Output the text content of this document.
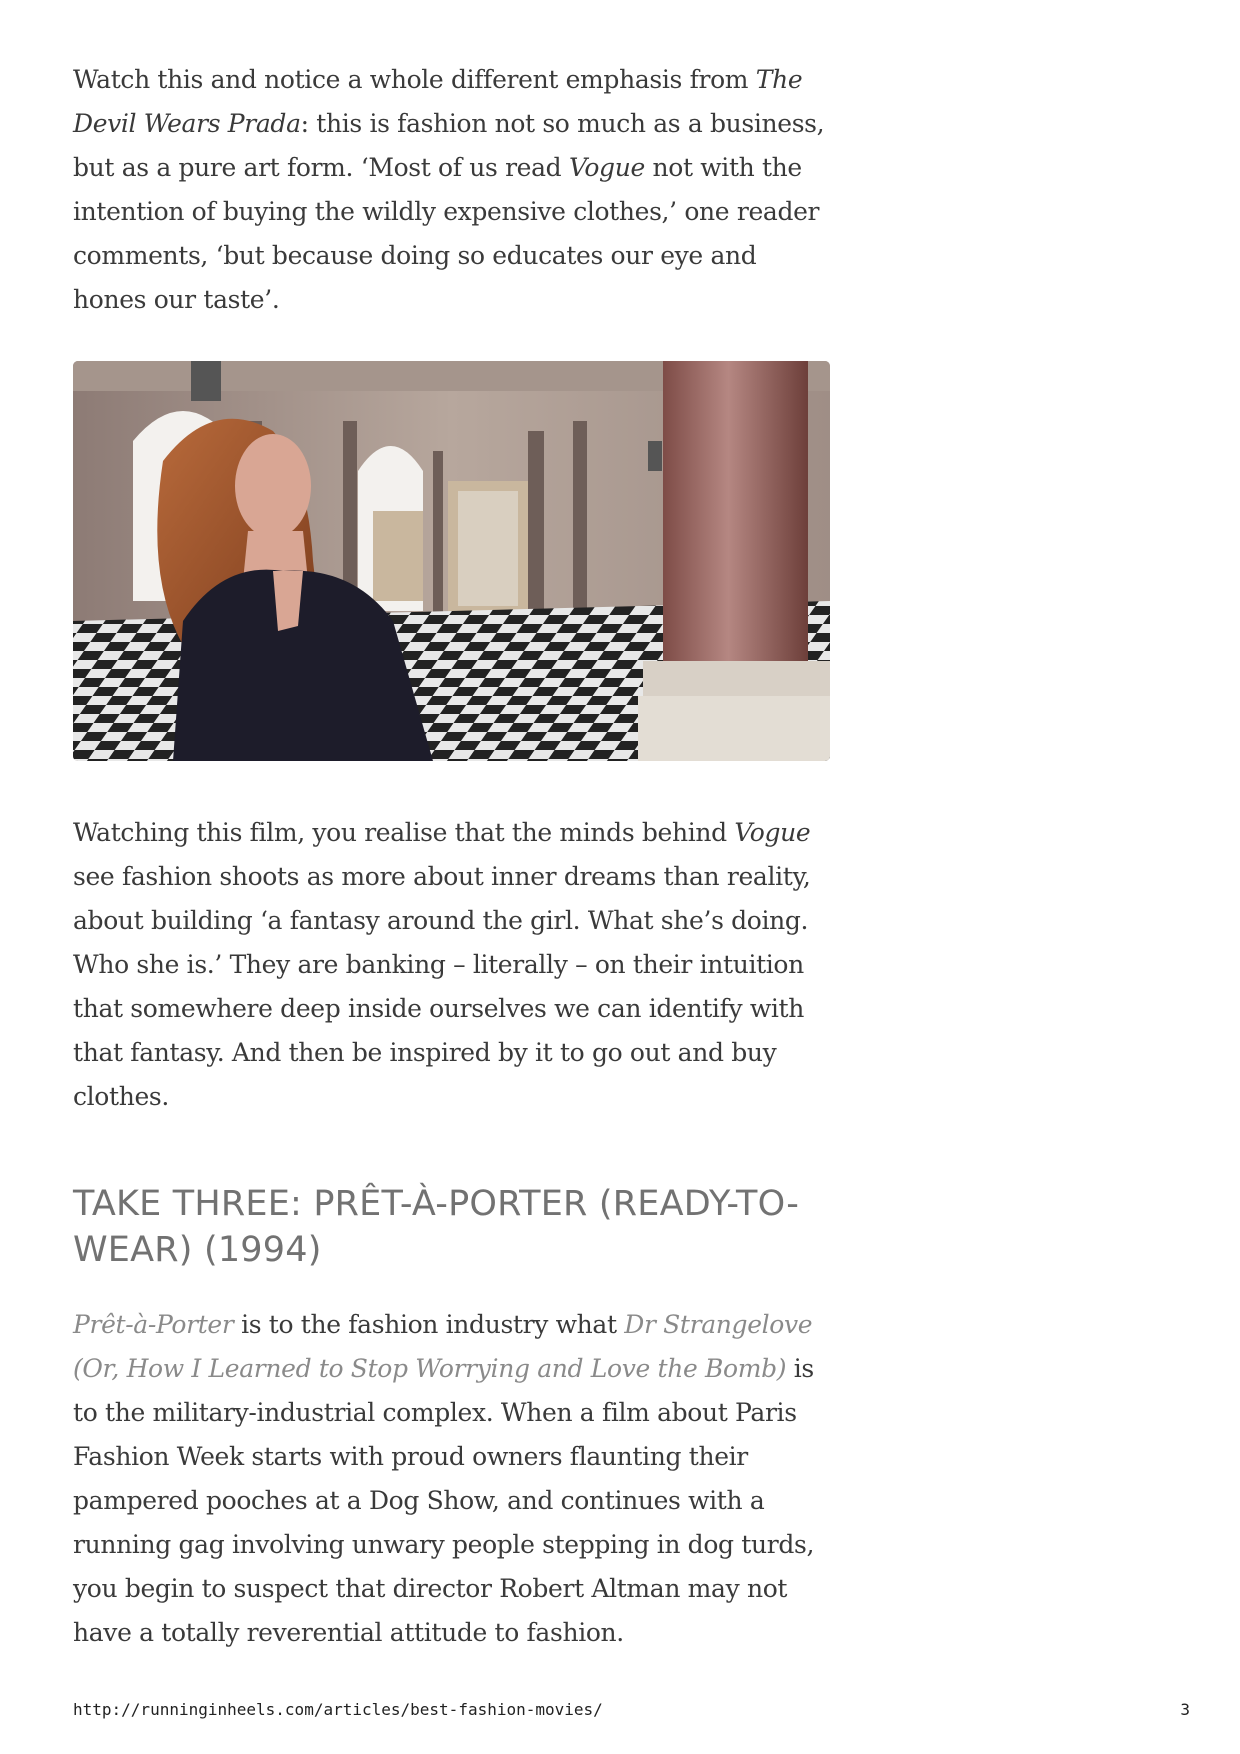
Watch this and notice a whole different emphasis from The Devil Wears Prada: this is fashion not so much as a business, but as a pure art form. ‘Most of us read Vogue not with the intention of buying the wildly expensive clothes,’ one reader comments, ‘but because doing so educates our eye and hones our taste’.

Watching this film, you realise that the minds behind Vogue see fashion shoots as more about inner dreams than reality, about building ‘a fantasy around the girl. What she’s doing. Who she is.’ They are banking – literally – on their intuition that somewhere deep inside ourselves we can identify with that fantasy. And then be inspired by it to go out and buy clothes.

TAKE THREE: PRÊT-À-PORTER (READY-TO-WEAR) (1994)

Prêt-à-Porter is to the fashion industry what Dr Strangelove (Or, How I Learned to Stop Worrying and Love the Bomb) is to the military-industrial complex. When a film about Paris Fashion Week starts with proud owners flaunting their pampered pooches at a Dog Show, and continues with a running gag involving unwary people stepping in dog turds, you begin to suspect that director Robert Altman may not have a totally reverential attitude to fashion.

http://runninginheels.com/articles/best-fashion-movies/	3
